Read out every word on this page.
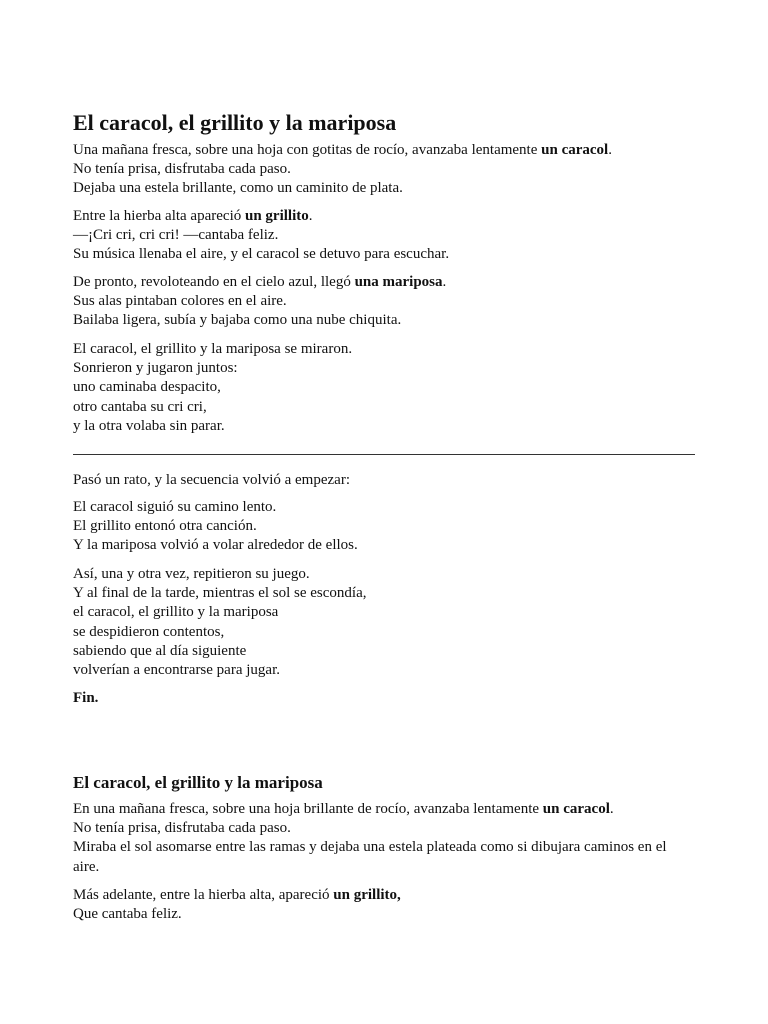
El caracol, el grillito y la mariposa
Una mañana fresca, sobre una hoja con gotitas de rocío, avanzaba lentamente un caracol.
No tenía prisa, disfrutaba cada paso.
Dejaba una estela brillante, como un caminito de plata.
Entre la hierba alta apareció un grillito.
—¡Cri cri, cri cri! —cantaba feliz.
Su música llenaba el aire, y el caracol se detuvo para escuchar.
De pronto, revoloteando en el cielo azul, llegó una mariposa.
Sus alas pintaban colores en el aire.
Bailaba ligera, subía y bajaba como una nube chiquita.
El caracol, el grillito y la mariposa se miraron.
Sonrieron y jugaron juntos:
uno caminaba despacito,
otro cantaba su cri cri,
y la otra volaba sin parar.
Pasó un rato, y la secuencia volvió a empezar:
El caracol siguió su camino lento.
El grillito entonó otra canción.
Y la mariposa volvió a volar alrededor de ellos.
Así, una y otra vez, repitieron su juego.
Y al final de la tarde, mientras el sol se escondía,
el caracol, el grillito y la mariposa
se despidieron contentos,
sabiendo que al día siguiente
volverían a encontrarse para jugar.
Fin.
El caracol, el grillito y la mariposa
En una mañana fresca, sobre una hoja brillante de rocío, avanzaba lentamente un caracol.
No tenía prisa, disfrutaba cada paso.
Miraba el sol asomarse entre las ramas y dejaba una estela plateada como si dibujara caminos en el aire.
Más adelante, entre la hierba alta, apareció un grillito,
Que cantaba feliz.
